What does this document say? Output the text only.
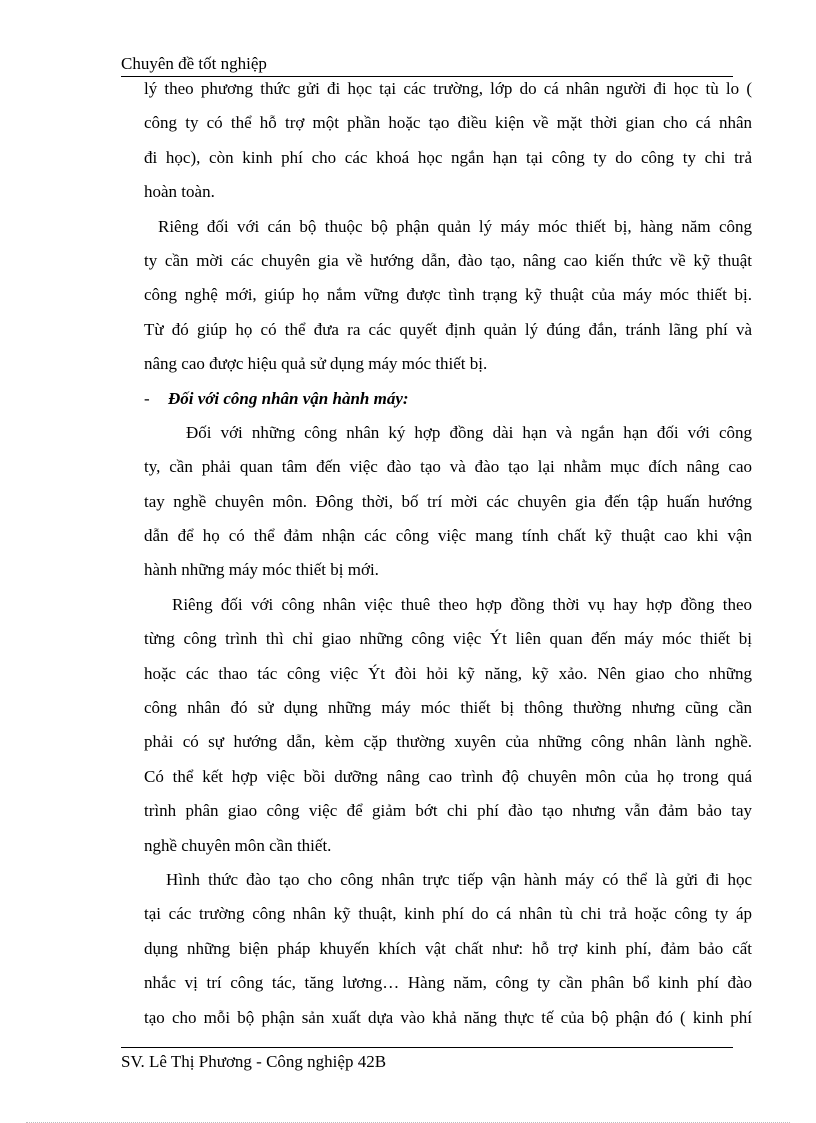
Chuyên đề tốt nghiệp
lý theo phương thức gửi đi học tại các trường, lớp do cá nhân người đi học tù lo (
công ty có thể hỗ trợ một phần hoặc tạo điều kiện về mặt thời gian cho cá nhân
đi học), còn kinh phí cho các khoá học ngắn hạn tại công ty do công ty chi trả
hoàn toàn.
Riêng đối với cán bộ thuộc bộ phận quản lý máy móc thiết bị, hàng năm công
ty cần mời các chuyên gia về hướng dẫn, đào tạo, nâng cao kiến thức về kỹ thuật
công nghệ mới, giúp họ nắm vững được tình trạng kỹ thuật của máy móc thiết bị.
Từ đó giúp họ có thể đưa ra các quyết định quản lý đúng đắn, tránh lãng phí và
nâng cao được hiệu quả sử dụng máy móc thiết bị.
- Đối với công nhân vận hành máy:
Đối với những công nhân ký hợp đồng dài hạn và ngắn hạn đối với công
ty, cần phải quan tâm đến việc đào tạo và đào tạo lại nhằm mục đích nâng cao
tay nghề chuyên môn. Đông thời, bố trí mời các chuyên gia đến tập huấn hướng
dẫn để họ có thể đảm nhận các công việc mang tính chất kỹ thuật cao khi vận
hành những máy móc thiết bị mới.
Riêng đối với công nhân việc thuê theo hợp đồng thời vụ hay hợp đồng theo
từng công trình thì chỉ giao những công việc Ýt liên quan đến máy móc thiết bị
hoặc các thao tác công việc Ýt đòi hỏi kỹ năng, kỹ xảo. Nên giao cho những
công nhân đó sử dụng những máy móc thiết bị thông thường nhưng cũng cần
phải có sự hướng dẫn, kèm cặp thường xuyên của những công nhân lành nghề.
Có thể kết hợp việc bồi dưỡng nâng cao trình độ chuyên môn của họ trong quá
trình phân giao công việc để giảm bớt chi phí đào tạo nhưng vẫn đảm bảo tay
nghề chuyên môn cần thiết.
Hình thức đào tạo cho công nhân trực tiếp vận hành máy có thể là gửi đi học
tại các trường công nhân kỹ thuật, kinh phí do cá nhân tù chi trả hoặc công ty áp
dụng những biện pháp khuyến khích vật chất như: hỗ trợ kinh phí, đảm bảo cất
nhắc vị trí công tác, tăng lương… Hàng năm, công ty cần phân bổ kinh phí đào
tạo cho mỗi bộ phận sản xuất dựa vào khả năng thực tế của bộ phận đó ( kinh phí
SV. Lê Thị Phương - Công nghiệp 42B
